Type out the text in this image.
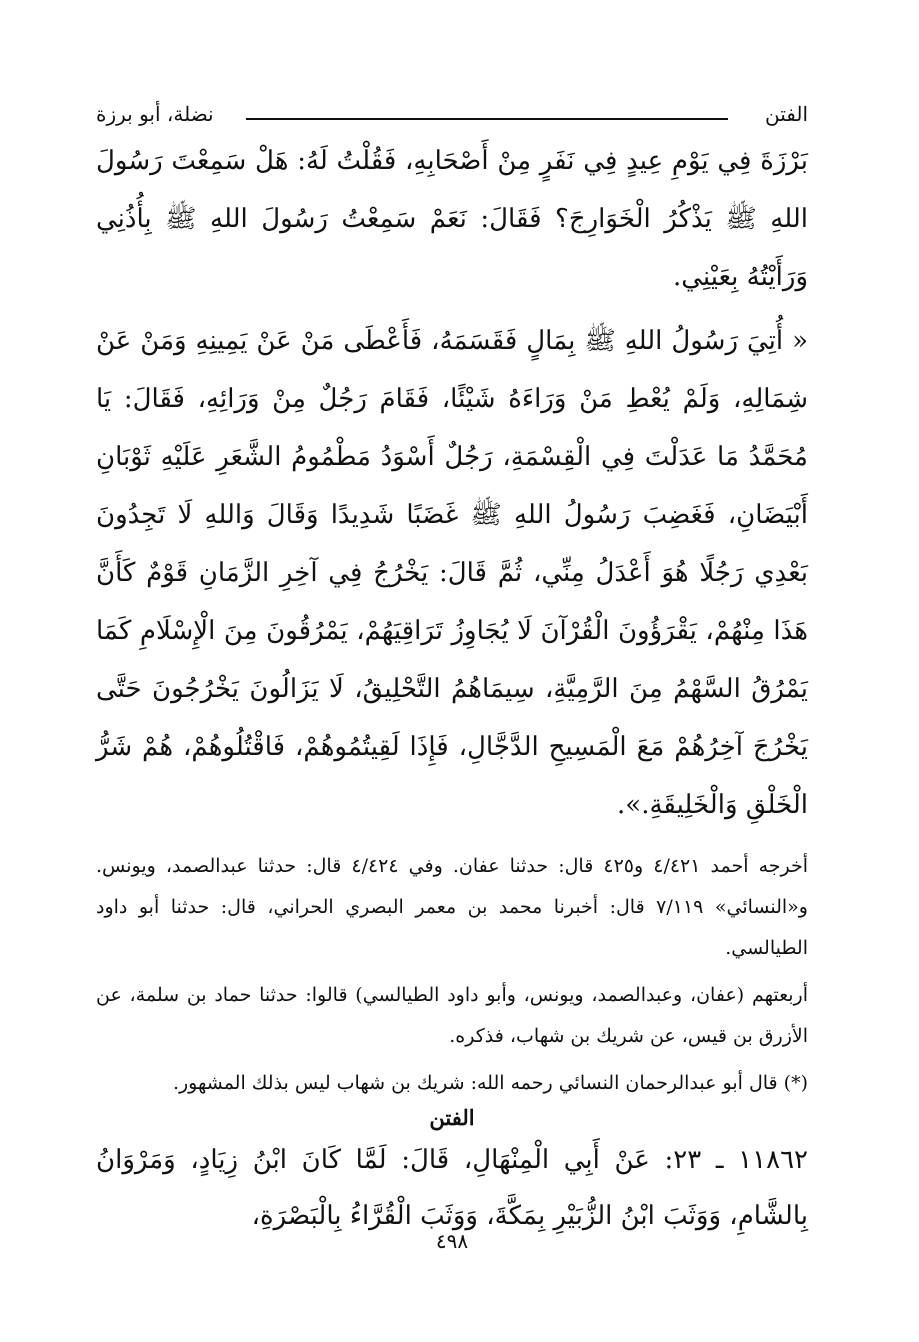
الفتن
نضلة، أبو برزة

بَرْزَةَ فِي يَوْمِ عِيدٍ فِي نَفَرٍ مِنْ أَصْحَابِهِ، فَقُلْتُ لَهُ: هَلْ سَمِعْتَ رَسُولَ اللهِ ﷺ يَذْكُرُ الْخَوَارِجَ؟ فَقَالَ: نَعَمْ سَمِعْتُ رَسُولَ اللهِ ﷺ بِأُذُنِي وَرَأَيْتُهُ بِعَيْنِي.

« أُتِيَ رَسُولُ اللهِ ﷺ بِمَالٍ فَقَسَمَهُ، فَأَعْطَى مَنْ عَنْ يَمِينِهِ وَمَنْ عَنْ شِمَالِهِ، وَلَمْ يُعْطِ مَنْ وَرَاءَهُ شَيْئًا، فَقَامَ رَجُلٌ مِنْ وَرَائِهِ، فَقَالَ: يَا مُحَمَّدُ مَا عَدَلْتَ فِي الْقِسْمَةِ، رَجُلٌ أَسْوَدُ مَطْمُومُ الشَّعَرِ عَلَيْهِ ثَوْبَانِ أَبْيَضَانِ، فَغَضِبَ رَسُولُ اللهِ ﷺ غَضَبًا شَدِيدًا وَقَالَ وَاللهِ لَا تَجِدُونَ بَعْدِي رَجُلًا هُوَ أَعْدَلُ مِنِّي، ثُمَّ قَالَ: يَخْرُجُ فِي آخِرِ الزَّمَانِ قَوْمٌ كَأَنَّ هَذَا مِنْهُمْ، يَقْرَؤُونَ الْقُرْآنَ لَا يُجَاوِزُ تَرَاقِيَهُمْ، يَمْرُقُونَ مِنَ الْإِسْلَامِ كَمَا يَمْرُقُ السَّهْمُ مِنَ الرَّمِيَّةِ، سِيمَاهُمُ التَّحْلِيقُ، لَا يَزَالُونَ يَخْرُجُونَ حَتَّى يَخْرُجَ آخِرُهُمْ مَعَ الْمَسِيحِ الدَّجَّالِ، فَإِذَا لَقِيتُمُوهُمْ، فَاقْتُلُوهُمْ، هُمْ شَرُّ الْخَلْقِ وَالْخَلِيقَةِ.».

أخرجه أحمد ٤/٤٢١ و٤٢٥ قال: حدثنا عفان. وفي ٤/٤٢٤ قال: حدثنا عبدالصمد، ويونس. و«النسائي» ٧/١١٩ قال: أخبرنا محمد بن معمر البصري الحراني، قال: حدثنا أبو داود الطيالسي.

أربعتهم (عفان، وعبدالصمد، ويونس، وأبو داود الطيالسي) قالوا: حدثنا حماد بن سلمة، عن الأزرق بن قيس، عن شريك بن شهاب، فذكره.

(*) قال أبو عبدالرحمان النسائي رحمه الله: شريك بن شهاب ليس بذلك المشهور.

الفتن

١١٨٦٢ ـ ٢٣: عَنْ أَبِي الْمِنْهَالِ، قَالَ: لَمَّا كَانَ ابْنُ زِيَادٍ، وَمَرْوَانُ بِالشَّامِ، وَوَثَبَ ابْنُ الزُّبَيْرِ بِمَكَّةَ، وَوَثَبَ الْقُرَّاءُ بِالْبَصْرَةِ،

٤٩٨
